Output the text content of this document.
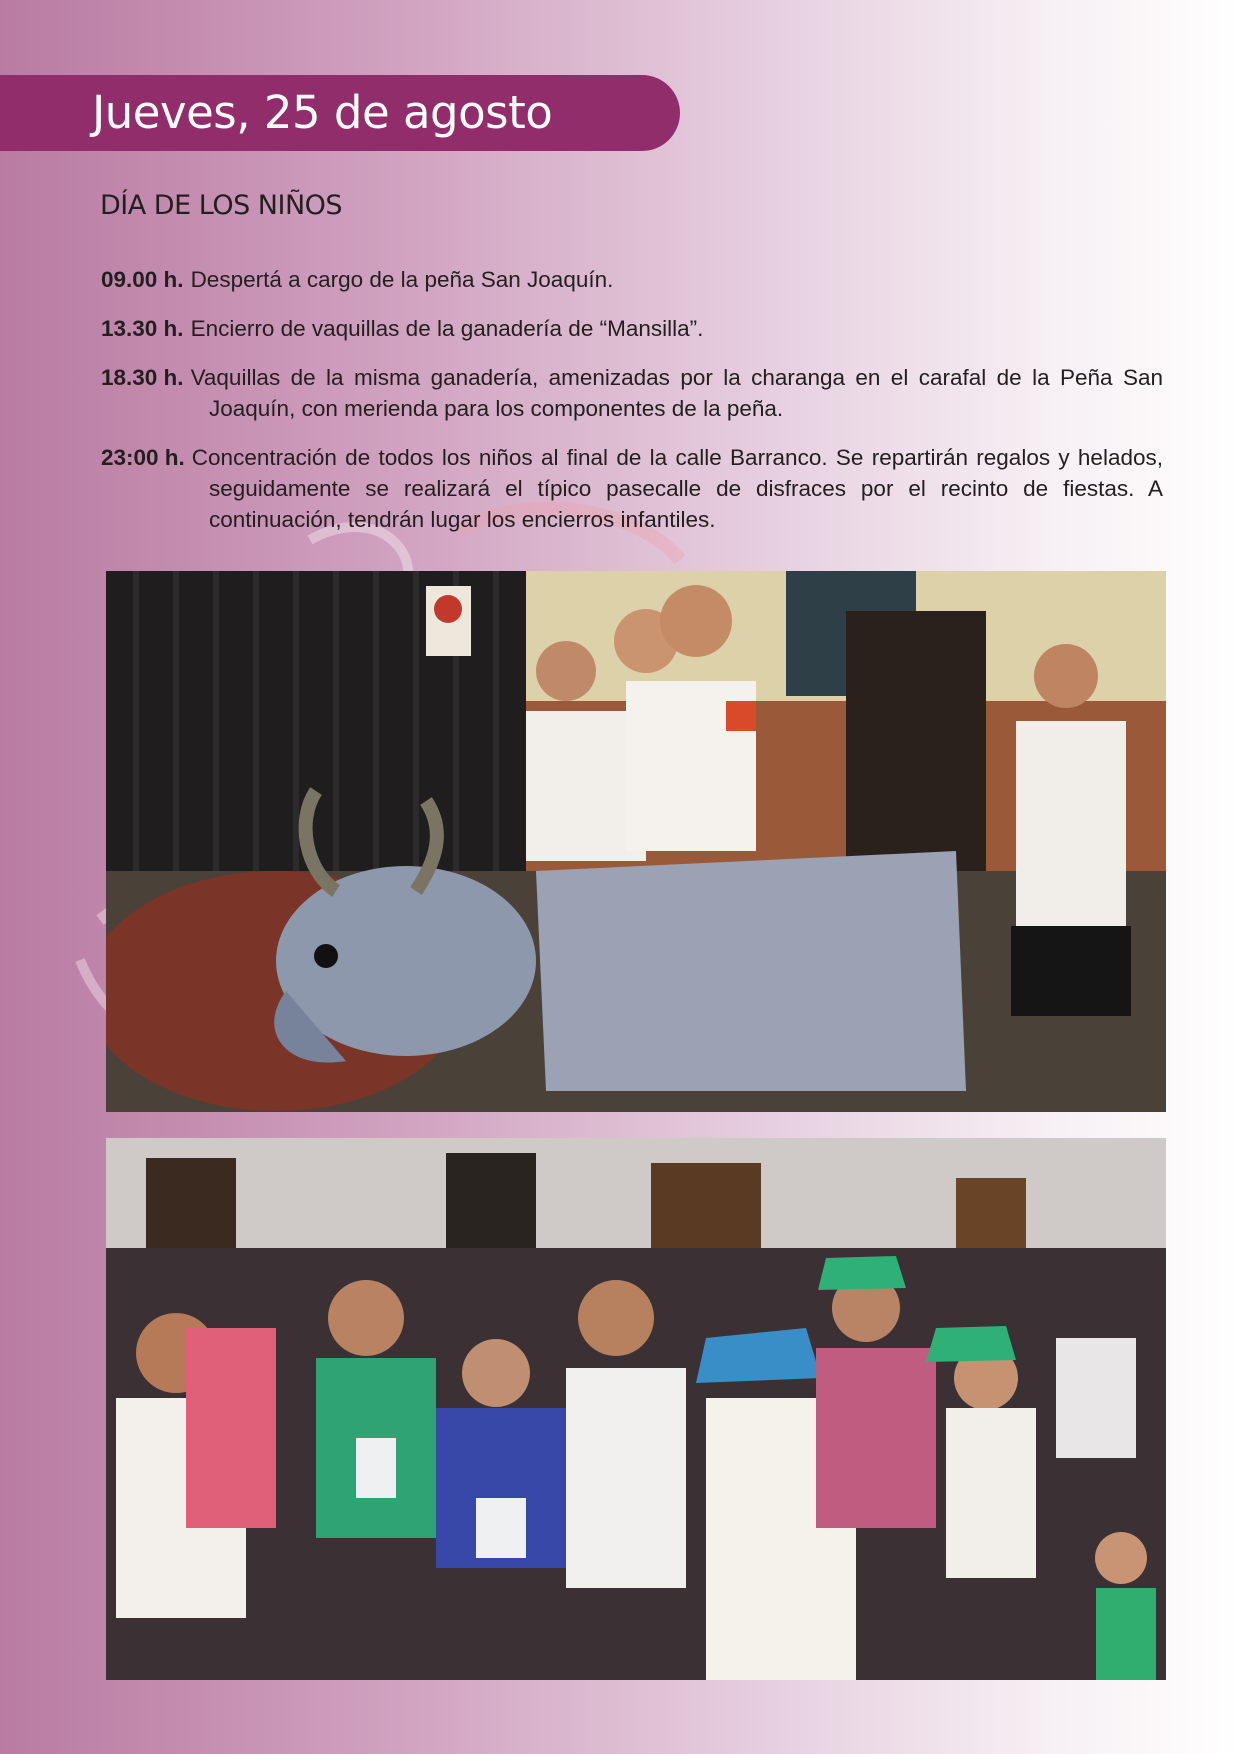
Jueves, 25 de agosto
DÍA DE LOS NIÑOS

09.00 h. Despertá a cargo de la peña San Joaquín.

13.30 h. Encierro de vaquillas de la ganadería de “Mansilla”.

18.30 h. Vaquillas de la misma ganadería, amenizadas por la charanga en el carafal de la Peña San Joaquín, con merienda para los componentes de la peña.

23:00 h. Concentración de todos los niños al final de la calle Barranco. Se repartirán regalos y helados, seguidamente se realizará el típico pasecalle de disfraces por el recinto de fiestas. A continuación, tendrán lugar los encierros infantiles.
